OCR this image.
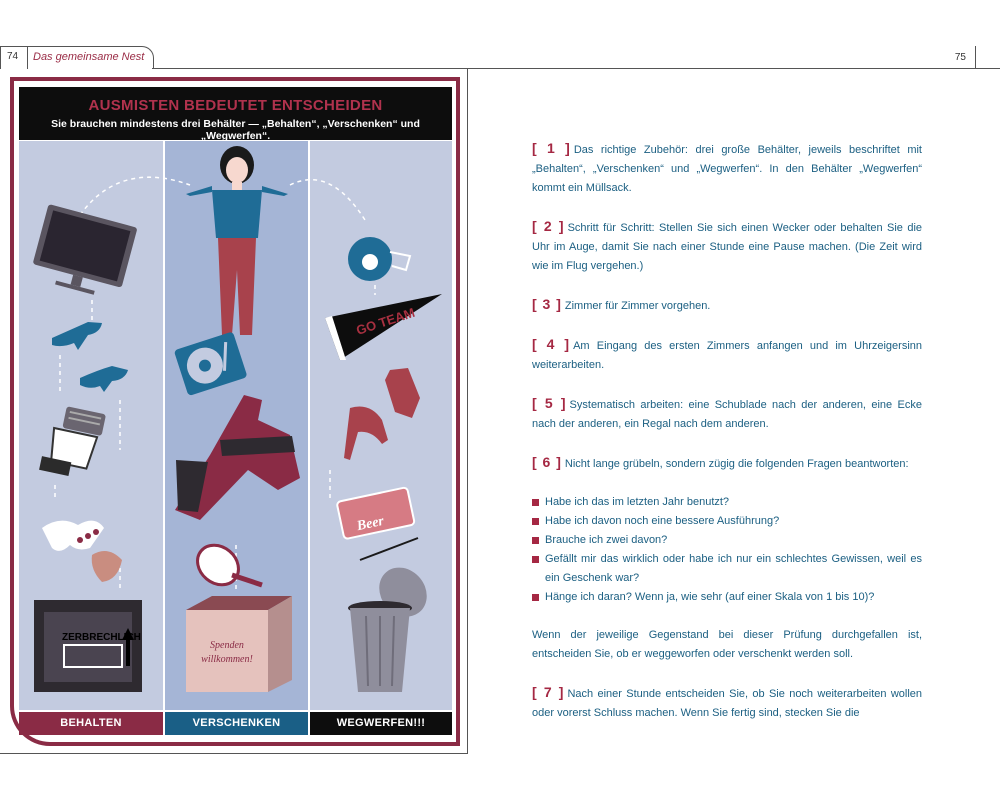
74 Das gemeinsame Nest	75
AUSMISTEN BEDEUTET ENTSCHEIDEN
Sie brauchen mindestens drei Behälter — „Behalten“, „Verschenken“ und „Wegwerfen“.
ZERBRECHLICH
Spenden
willkommen!
GO TEAM
Beer
BEHALTEN	VERSCHENKEN	WEGWERFEN!!!

[ 1 ] Das richtige Zubehör: drei große Behälter, jeweils beschriftet mit „Behalten“, „Verschenken“ und „Wegwerfen“. In den Behälter „Wegwerfen“ kommt ein Müllsack.

[ 2 ] Schritt für Schritt: Stellen Sie sich einen Wecker oder behalten Sie die Uhr im Auge, damit Sie nach einer Stunde eine Pause machen. (Die Zeit wird wie im Flug vergehen.)

[ 3 ] Zimmer für Zimmer vorgehen.

[ 4 ] Am Eingang des ersten Zimmers anfangen und im Uhrzeigersinn weiterarbeiten.

[ 5 ] Systematisch arbeiten: eine Schublade nach der anderen, eine Ecke nach der anderen, ein Regal nach dem anderen.

[ 6 ] Nicht lange grübeln, sondern zügig die folgenden Fragen beantworten:

Habe ich das im letzten Jahr benutzt?

Habe ich davon noch eine bessere Ausführung?

Brauche ich zwei davon?

Gefällt mir das wirklich oder habe ich nur ein schlechtes Gewissen, weil es ein Geschenk war?

Hänge ich daran? Wenn ja, wie sehr (auf einer Skala von 1 bis 10)?

Wenn der jeweilige Gegenstand bei dieser Prüfung durchgefallen ist, entscheiden Sie, ob er weggeworfen oder verschenkt werden soll.

[ 7 ] Nach einer Stunde entscheiden Sie, ob Sie noch weiterarbeiten wollen oder vorerst Schluss machen. Wenn Sie fertig sind, stecken Sie die
